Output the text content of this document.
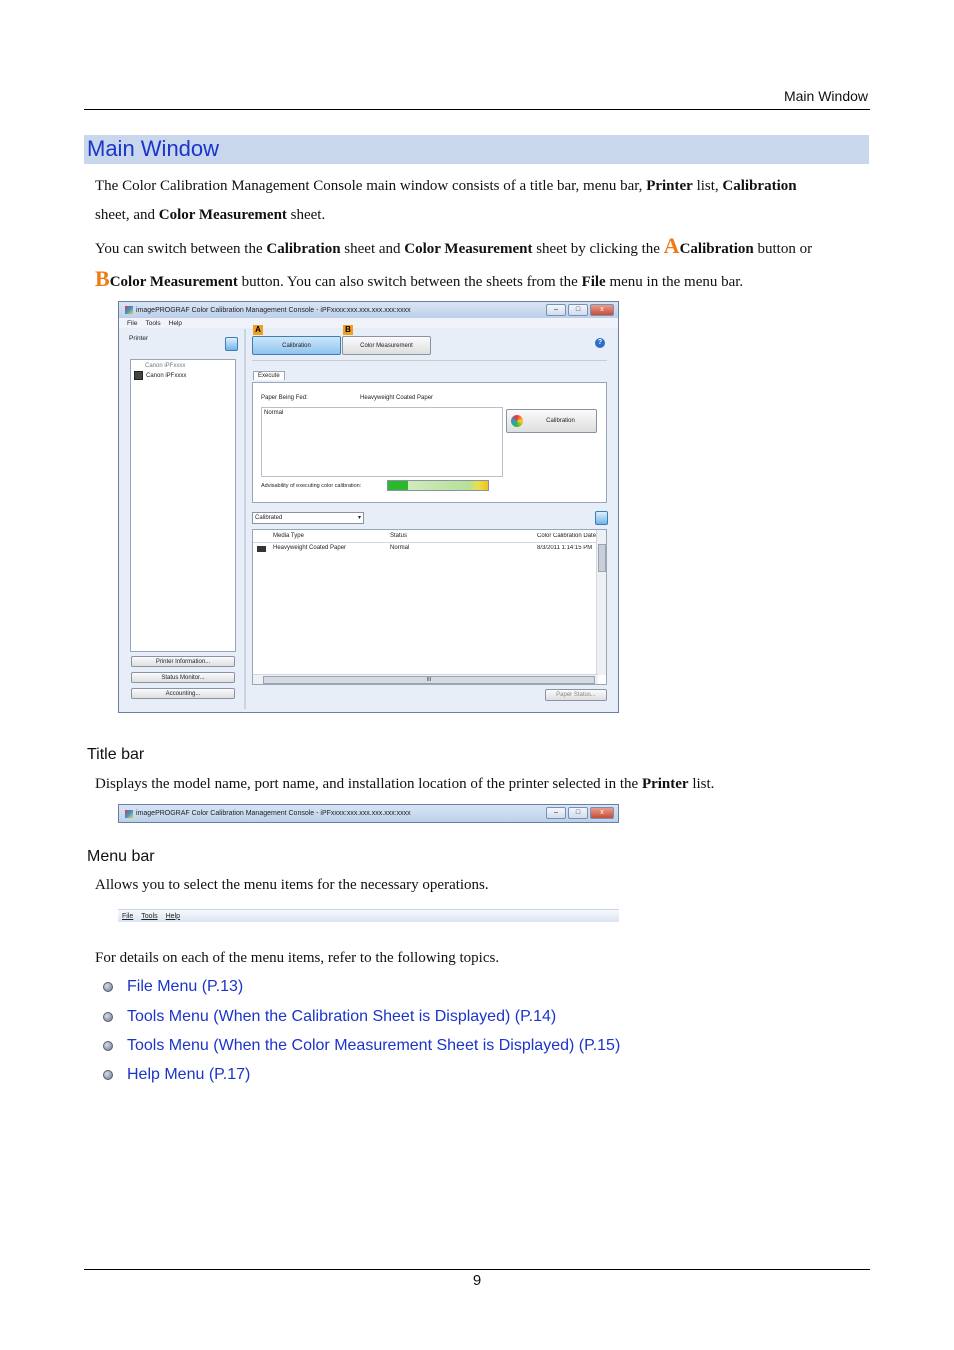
Main Window
Main Window
The Color Calibration Management Console main window consists of a title bar, menu bar, Printer list, Calibration
sheet, and Color Measurement sheet.
You can switch between the Calibration sheet and Color Measurement sheet by clicking the ACalibration button or
BColor Measurement button. You can also switch between the sheets from the File menu in the menu bar.
imagePROGRAF Color Calibration Management Console - iPFxxxx:xxx.xxx.xxx.xxx:xxxx	–	□	x
File Tools Help
Printer
Canon iPFxxxx
Canon iPFxxxx
Printer Information...
Status Monitor...
Accounting...
A	B
Calibration	Color Measurement	?
Execute
Paper Being Fed:	Heavyweight Coated Paper
Normal
Calibration
Advisability of executing color calibration:
Calibrated	▾
Media Type	Status	Color Calibration Date
Heavyweight Coated Paper	Normal	8/3/2011 1:14:15 PM
III
Paper Status...
Title bar
Displays the model name, port name, and installation location of the printer selected in the Printer list.
imagePROGRAF Color Calibration Management Console - iPFxxxx:xxx.xxx.xxx.xxx:xxxx	–	□	x
Menu bar
Allows you to select the menu items for the necessary operations.
File Tools Help
For details on each of the menu items, refer to the following topics.
File Menu (P.13)
Tools Menu (When the Calibration Sheet is Displayed) (P.14)
Tools Menu (When the Color Measurement Sheet is Displayed) (P.15)
Help Menu (P.17)
9
